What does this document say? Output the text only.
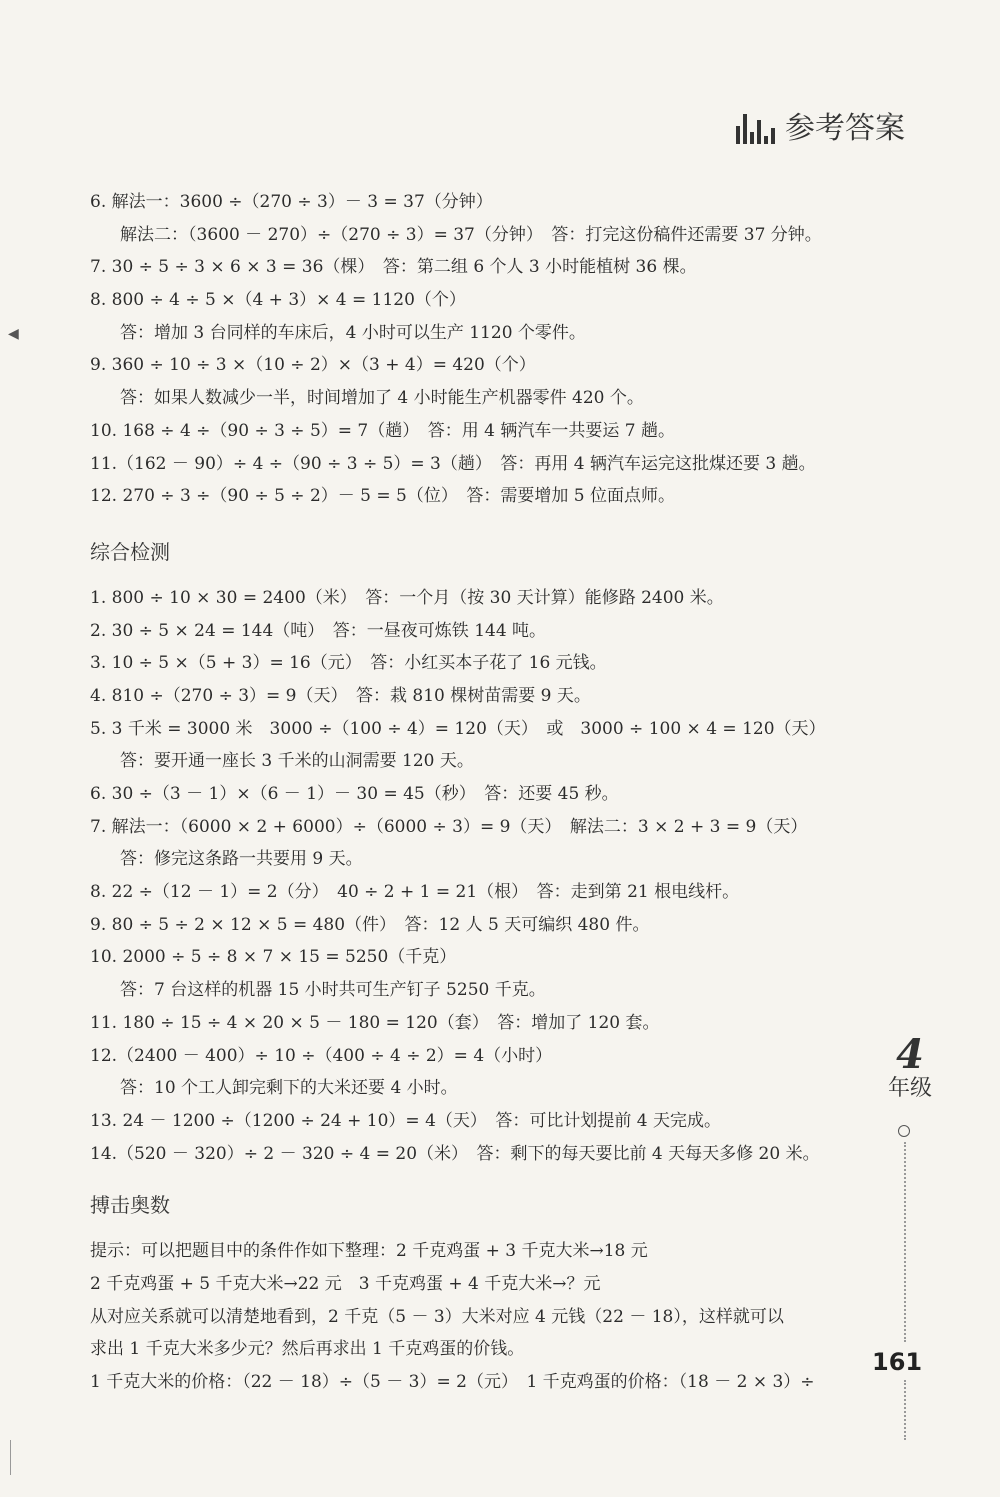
参考答案
◀
6. 解法一：3600 ÷（270 ÷ 3）－ 3 = 37（分钟）
解法二：（3600 － 270）÷（270 ÷ 3）= 37（分钟）　答：打完这份稿件还需要 37 分钟。
7. 30 ÷ 5 ÷ 3 × 6 × 3 = 36（棵）　答：第二组 6 个人 3 小时能植树 36 棵。
8. 800 ÷ 4 ÷ 5 ×（4 + 3）× 4 = 1120（个）
答：增加 3 台同样的车床后，4 小时可以生产 1120 个零件。
9. 360 ÷ 10 ÷ 3 ×（10 ÷ 2）×（3 + 4）= 420（个）
答：如果人数减少一半，时间增加了 4 小时能生产机器零件 420 个。
10. 168 ÷ 4 ÷（90 ÷ 3 ÷ 5）= 7（趟）　答：用 4 辆汽车一共要运 7 趟。
11.（162 － 90）÷ 4 ÷（90 ÷ 3 ÷ 5）= 3（趟）　答：再用 4 辆汽车运完这批煤还要 3 趟。
12. 270 ÷ 3 ÷（90 ÷ 5 ÷ 2）－ 5 = 5（位）　答：需要增加 5 位面点师。
综合检测
1. 800 ÷ 10 × 30 = 2400（米）　答：一个月（按 30 天计算）能修路 2400 米。
2. 30 ÷ 5 × 24 = 144（吨）　答：一昼夜可炼铁 144 吨。
3. 10 ÷ 5 ×（5 + 3）= 16（元）　答：小红买本子花了 16 元钱。
4. 810 ÷（270 ÷ 3）= 9（天）　答：栽 810 棵树苗需要 9 天。
5. 3 千米 = 3000 米　3000 ÷（100 ÷ 4）= 120（天）　或　3000 ÷ 100 × 4 = 120（天）
答：要开通一座长 3 千米的山洞需要 120 天。
6. 30 ÷（3 － 1）×（6 － 1）－ 30 = 45（秒）　答：还要 45 秒。
7. 解法一：（6000 × 2 + 6000）÷（6000 ÷ 3）= 9（天）　解法二：3 × 2 + 3 = 9（天）
答：修完这条路一共要用 9 天。
8. 22 ÷（12 － 1）= 2（分）　40 ÷ 2 + 1 = 21（根）　答：走到第 21 根电线杆。
9. 80 ÷ 5 ÷ 2 × 12 × 5 = 480（件）　答：12 人 5 天可编织 480 件。
10. 2000 ÷ 5 ÷ 8 × 7 × 15 = 5250（千克）
答：7 台这样的机器 15 小时共可生产钉子 5250 千克。
11. 180 ÷ 15 ÷ 4 × 20 × 5 － 180 = 120（套）　答：增加了 120 套。
12.（2400 － 400）÷ 10 ÷（400 ÷ 4 ÷ 2）= 4（小时）
答：10 个工人卸完剩下的大米还要 4 小时。
13. 24 － 1200 ÷（1200 ÷ 24 + 10）= 4（天）　答：可比计划提前 4 天完成。
14.（520 － 320）÷ 2 － 320 ÷ 4 = 20（米）　答：剩下的每天要比前 4 天每天多修 20 米。
搏击奥数
提示：可以把题目中的条件作如下整理：2 千克鸡蛋 + 3 千克大米→18 元
2 千克鸡蛋 + 5 千克大米→22 元　3 千克鸡蛋 + 4 千克大米→？元
从对应关系就可以清楚地看到，2 千克（5 － 3）大米对应 4 元钱（22 － 18），这样就可以
求出 1 千克大米多少元？然后再求出 1 千克鸡蛋的价钱。
1 千克大米的价格：（22 － 18）÷（5 － 3）= 2（元）　1 千克鸡蛋的价格：（18 － 2 × 3）÷
4
年级
161
